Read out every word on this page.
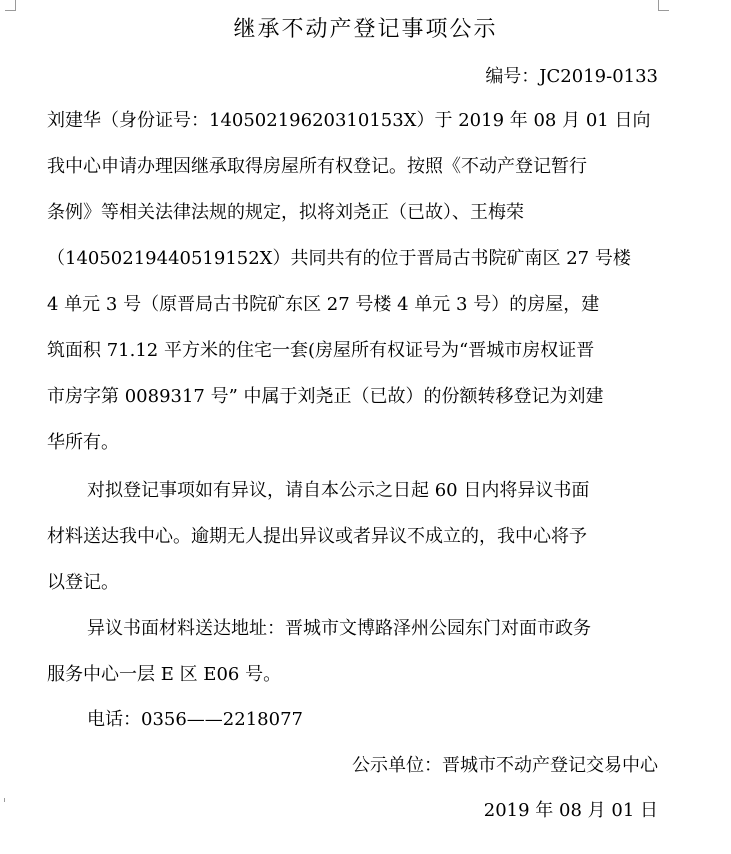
继承不动产登记事项公示
编号：JC2019-0133
刘建华（身份证号：14050219620310153X）于 2019 年 08 月 01 日向
我中心申请办理因继承取得房屋所有权登记。按照《不动产登记暂行
条例》等相关法律法规的规定，拟将刘尧正（已故）、王梅荣
（14050219440519152X）共同共有的位于晋局古书院矿南区 27 号楼
4 单元 3 号（原晋局古书院矿东区 27 号楼 4 单元 3 号）的房屋，建
筑面积 71.12 平方米的住宅一套(房屋所有权证号为“晋城市房权证晋
市房字第 0089317 号” 中属于刘尧正（已故）的份额转移登记为刘建
华所有。
对拟登记事项如有异议，请自本公示之日起 60 日内将异议书面
材料送达我中心。逾期无人提出异议或者异议不成立的，我中心将予
以登记。
异议书面材料送达地址：晋城市文博路泽州公园东门对面市政务
服务中心一层 E 区 E06 号。
电话：0356——2218077
公示单位：晋城市不动产登记交易中心
2019 年 08 月 01 日
